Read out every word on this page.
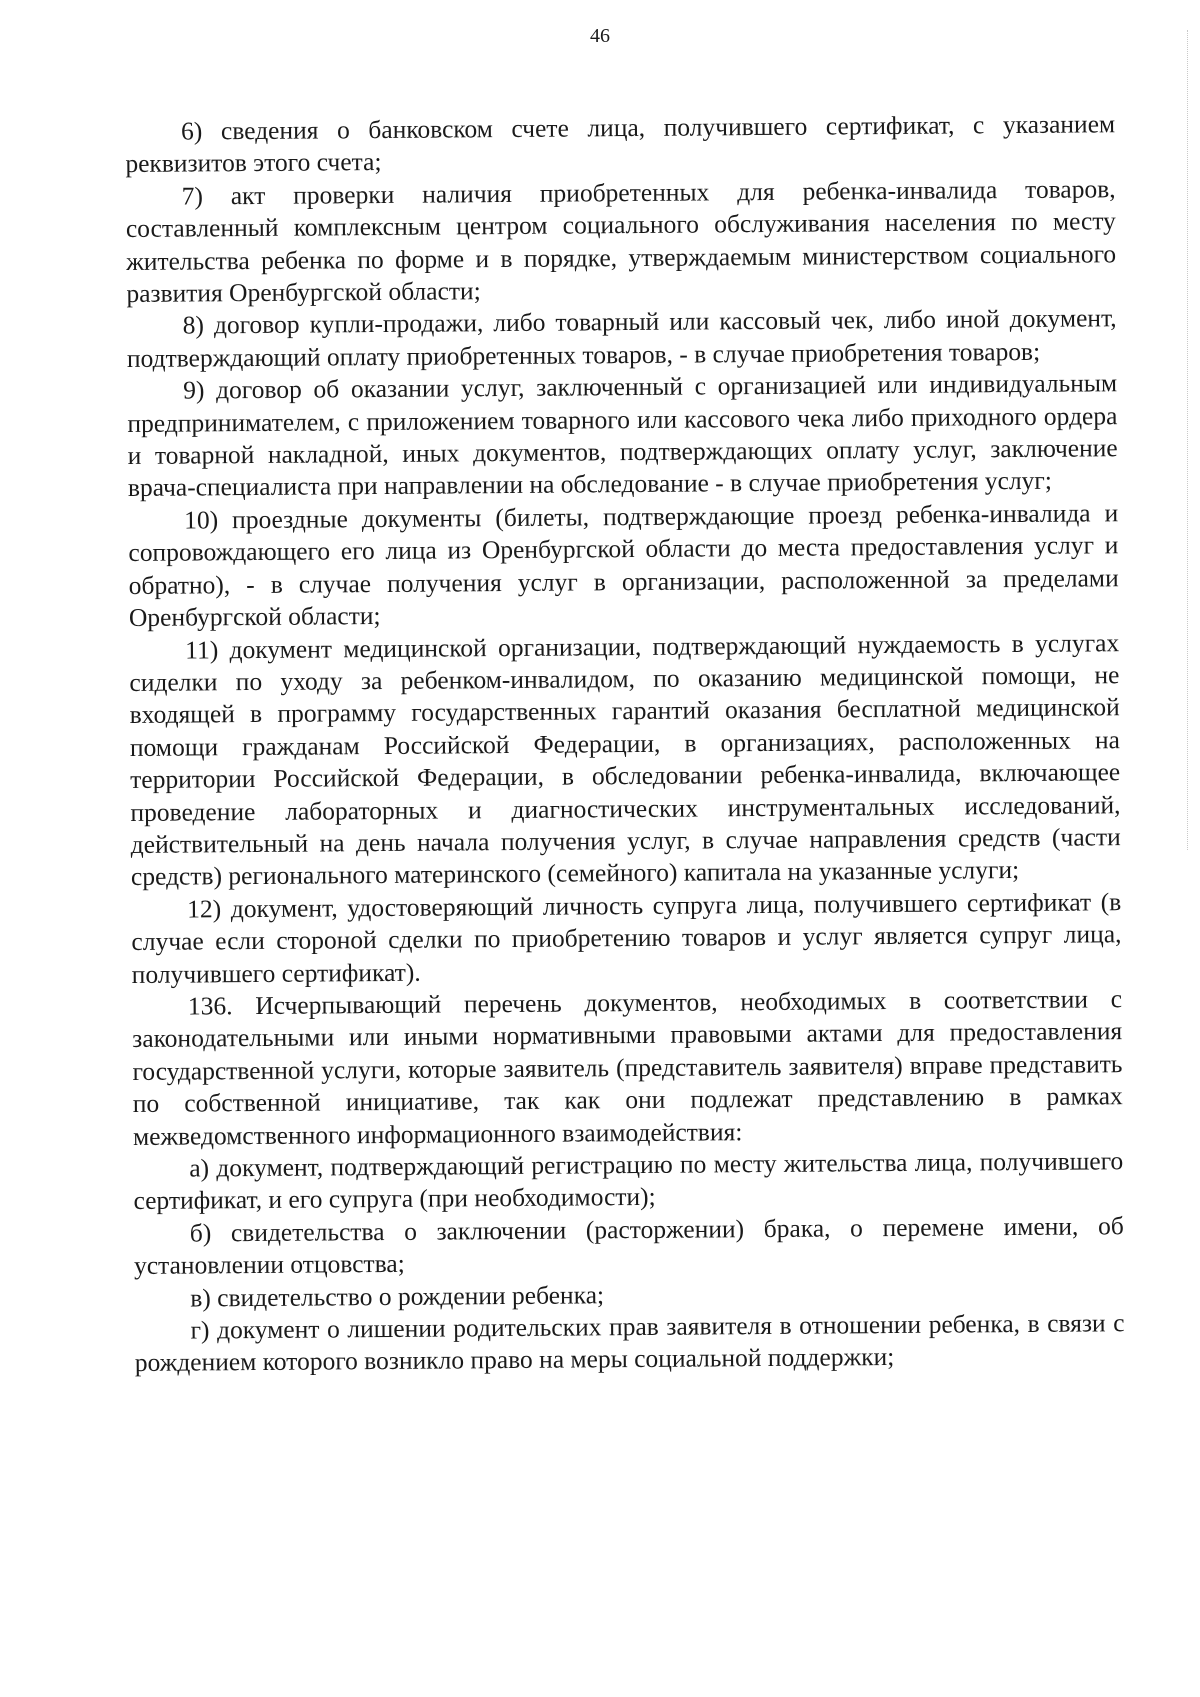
46

6) сведения о банковском счете лица, получившего сертификат, с указанием реквизитов этого счета;

7) акт проверки наличия приобретенных для ребенка-инвалида товаров, составленный комплексным центром социального обслуживания населения по месту жительства ребенка по форме и в порядке, утверждаемым министерством социального развития Оренбургской области;

8) договор купли-продажи, либо товарный или кассовый чек, либо иной документ, подтверждающий оплату приобретенных товаров, - в случае приобретения товаров;

9) договор об оказании услуг, заключенный с организацией или индивидуальным предпринимателем, с приложением товарного или кассового чека либо приходного ордера и товарной накладной, иных документов, подтверждающих оплату услуг, заключение врача-специалиста при направлении на обследование - в случае приобретения услуг;

10) проездные документы (билеты, подтверждающие проезд ребенка-инвалида и сопровождающего его лица из Оренбургской области до места предоставления услуг и обратно), - в случае получения услуг в организации, расположенной за пределами Оренбургской области;

11) документ медицинской организации, подтверждающий нуждаемость в услугах сиделки по уходу за ребенком-инвалидом, по оказанию медицинской помощи, не входящей в программу государственных гарантий оказания бесплатной медицинской помощи гражданам Российской Федерации, в организациях, расположенных на территории Российской Федерации, в обследовании ребенка-инвалида, включающее проведение лабораторных и диагностических инструментальных исследований, действительный на день начала получения услуг, в случае направления средств (части средств) регионального материнского (семейного) капитала на указанные услуги;

12) документ, удостоверяющий личность супруга лица, получившего сертификат (в случае если стороной сделки по приобретению товаров и услуг является супруг лица, получившего сертификат).

136. Исчерпывающий перечень документов, необходимых в соответствии с законодательными или иными нормативными правовыми актами для предоставления государственной услуги, которые заявитель (представитель заявителя) вправе представить по собственной инициативе, так как они подлежат представлению в рамках межведомственного информационного взаимодействия:

а) документ, подтверждающий регистрацию по месту жительства лица, получившего сертификат, и его супруга (при необходимости);

б) свидетельства о заключении (расторжении) брака, о перемене имени, об установлении отцовства;

в) свидетельство о рождении ребенка;

г) документ о лишении родительских прав заявителя в отношении ребенка, в связи с рождением которого возникло право на меры социальной поддержки;
